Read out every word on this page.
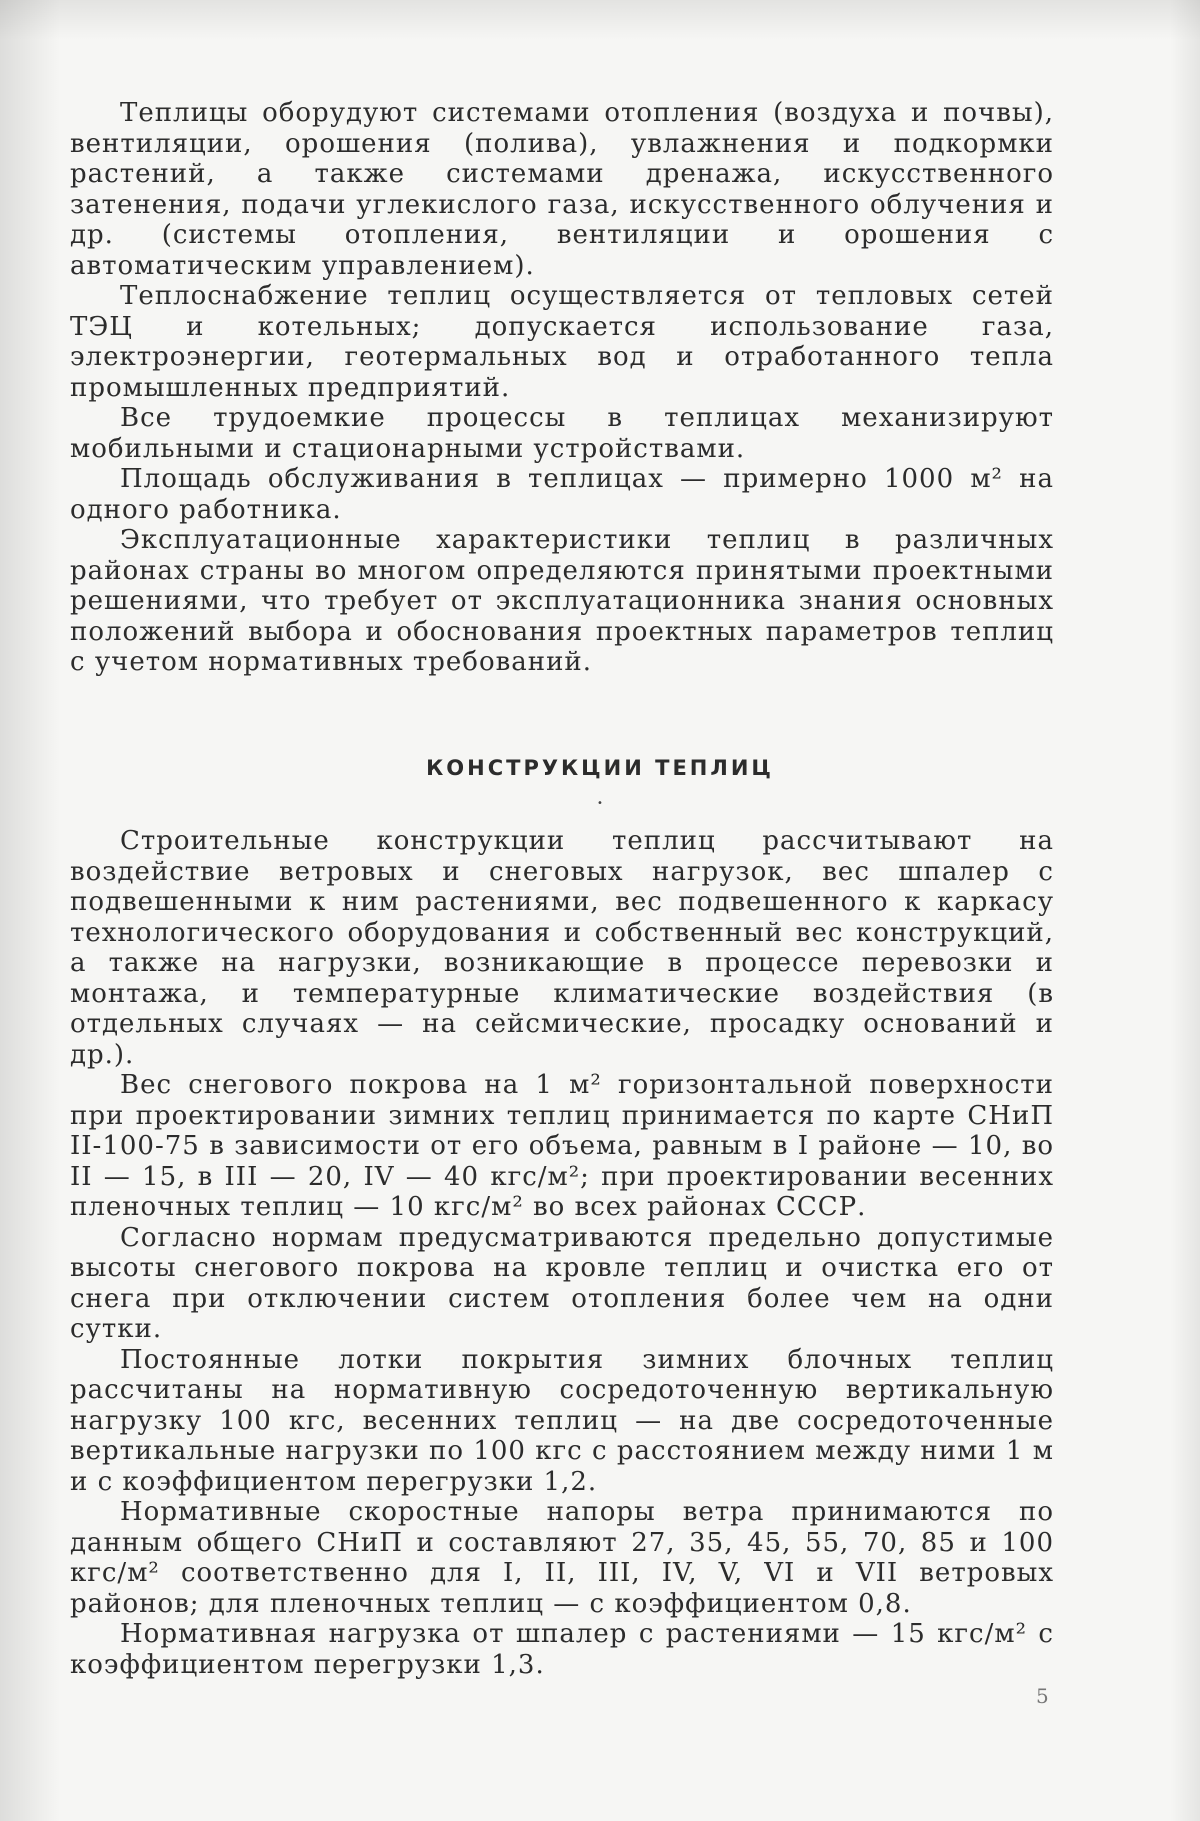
Теплицы оборудуют системами отопления (воздуха и почвы), вентиляции, орошения (полива), увлажнения и подкормки растений, а также системами дренажа, искусственного затенения, подачи углекислого газа, искусственного облучения и др. (системы отопления, вентиляции и орошения с автоматическим управлением).

Теплоснабжение теплиц осуществляется от тепловых сетей ТЭЦ и котельных; допускается использование газа, электроэнергии, геотермальных вод и отработанного тепла промышленных предприятий.

Все трудоемкие процессы в теплицах механизируют мобильными и стационарными устройствами.

Площадь обслуживания в теплицах — примерно 1000 м² на одного работника.

Эксплуатационные характеристики теплиц в различных районах страны во многом определяются принятыми проектными решениями, что требует от эксплуатационника знания основных положений выбора и обоснования проектных параметров теплиц с учетом нормативных требований.

КОНСТРУКЦИИ ТЕПЛИЦ
•

Строительные конструкции теплиц рассчитывают на воздействие ветровых и снеговых нагрузок, вес шпалер с подвешенными к ним растениями, вес подвешенного к каркасу технологического оборудования и собственный вес конструкций, а также на нагрузки, возникающие в процессе перевозки и монтажа, и температурные климатические воздействия (в отдельных случаях — на сейсмические, просадку оснований и др.).

Вес снегового покрова на 1 м² горизонтальной поверхности при проектировании зимних теплиц принимается по карте СНиП II-100-75 в зависимости от его объема, равным в I районе — 10, во II — 15, в III — 20, IV — 40 кгс/м²; при проектировании весенних пленочных теплиц — 10 кгс/м² во всех районах СССР.

Согласно нормам предусматриваются предельно допустимые высоты снегового покрова на кровле теплиц и очистка его от снега при отключении систем отопления более чем на одни сутки.

Постоянные лотки покрытия зимних блочных теплиц рассчитаны на нормативную сосредоточенную вертикальную нагрузку 100 кгс, весенних теплиц — на две сосредоточенные вертикальные нагрузки по 100 кгс с расстоянием между ними 1 м и с коэффициентом перегрузки 1,2.

Нормативные скоростные напоры ветра принимаются по данным общего СНиП и составляют 27, 35, 45, 55, 70, 85 и 100 кгс/м² соответственно для I, II, III, IV, V, VI и VII ветровых районов; для пленочных теплиц — с коэффициентом 0,8.

Нормативная нагрузка от шпалер с растениями — 15 кгс/м² с коэффициентом перегрузки 1,3.

5
